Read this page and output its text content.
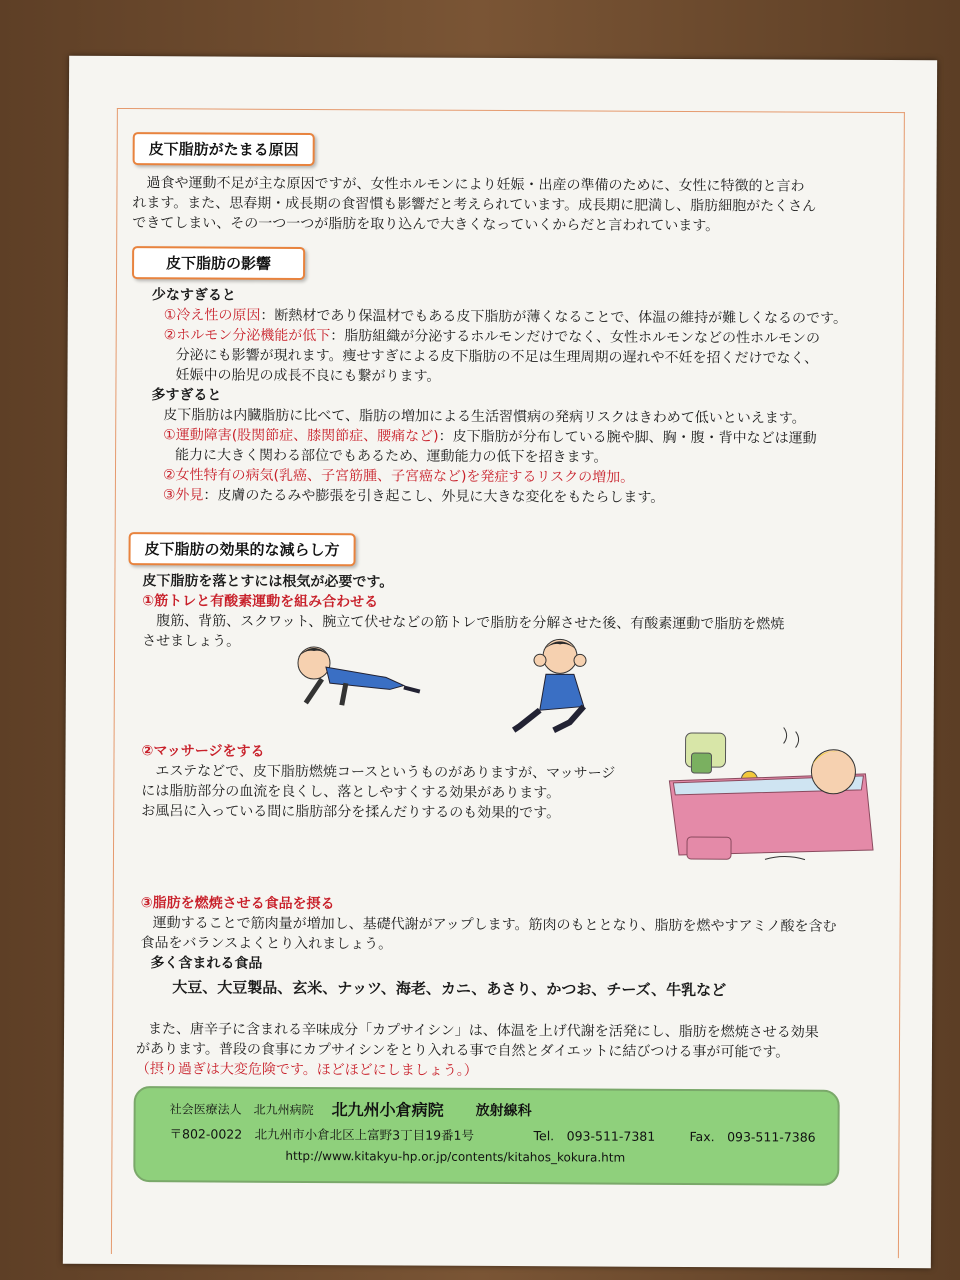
皮下脂肪がたまる原因
過食や運動不足が主な原因ですが、女性ホルモンにより妊娠・出産の準備のために、女性に特徴的と言わ
れます。また、思春期・成長期の食習慣も影響だと考えられています。成長期に肥満し、脂肪細胞がたくさん
できてしまい、その一つ一つが脂肪を取り込んで大きくなっていくからだと言われています。
皮下脂肪の影響
少なすぎると
①冷え性の原因：断熱材であり保温材でもある皮下脂肪が薄くなることで、体温の維持が難しくなるのです。
②ホルモン分泌機能が低下：脂肪組織が分泌するホルモンだけでなく、女性ホルモンなどの性ホルモンの
分泌にも影響が現れます。痩せすぎによる皮下脂肪の不足は生理周期の遅れや不妊を招くだけでなく、
妊娠中の胎児の成長不良にも繋がります。
多すぎると
皮下脂肪は内臓脂肪に比べて、脂肪の増加による生活習慣病の発病リスクはきわめて低いといえます。
①運動障害(股関節症、膝関節症、腰痛など)：皮下脂肪が分布している腕や脚、胸・腹・背中などは運動
能力に大きく関わる部位でもあるため、運動能力の低下を招きます。
②女性特有の病気(乳癌、子宮筋腫、子宮癌など)を発症するリスクの増加。
③外見：皮膚のたるみや膨張を引き起こし、外見に大きな変化をもたらします。
皮下脂肪の効果的な減らし方
皮下脂肪を落とすには根気が必要です。
①筋トレと有酸素運動を組み合わせる
腹筋、背筋、スクワット、腕立て伏せなどの筋トレで脂肪を分解させた後、有酸素運動で脂肪を燃焼
させましょう。
②マッサージをする
エステなどで、皮下脂肪燃焼コースというものがありますが、マッサージ
には脂肪部分の血流を良くし、落としやすくする効果があります。
お風呂に入っている間に脂肪部分を揉んだりするのも効果的です。
③脂肪を燃焼させる食品を摂る
運動することで筋肉量が増加し、基礎代謝がアップします。筋肉のもととなり、脂肪を燃やすアミノ酸を含む
食品をバランスよくとり入れましょう。
多く含まれる食品
大豆、大豆製品、玄米、ナッツ、海老、カニ、あさり、かつお、チーズ、牛乳など
また、唐辛子に含まれる辛味成分「カプサイシン」は、体温を上げ代謝を活発にし、脂肪を燃焼させる効果
があります。普段の食事にカプサイシンをとり入れる事で自然とダイエットに結びつける事が可能です。
（摂り過ぎは大変危険です。ほどほどにしましょう。）
社会医療法人　北九州病院 北九州小倉病院 放射線科
〒802-0022　北九州市小倉北区上富野3丁目19番1号	Tel.　093-511-7381	Fax.　093-511-7386
http://www.kitakyu-hp.or.jp/contents/kitahos_kokura.htm
